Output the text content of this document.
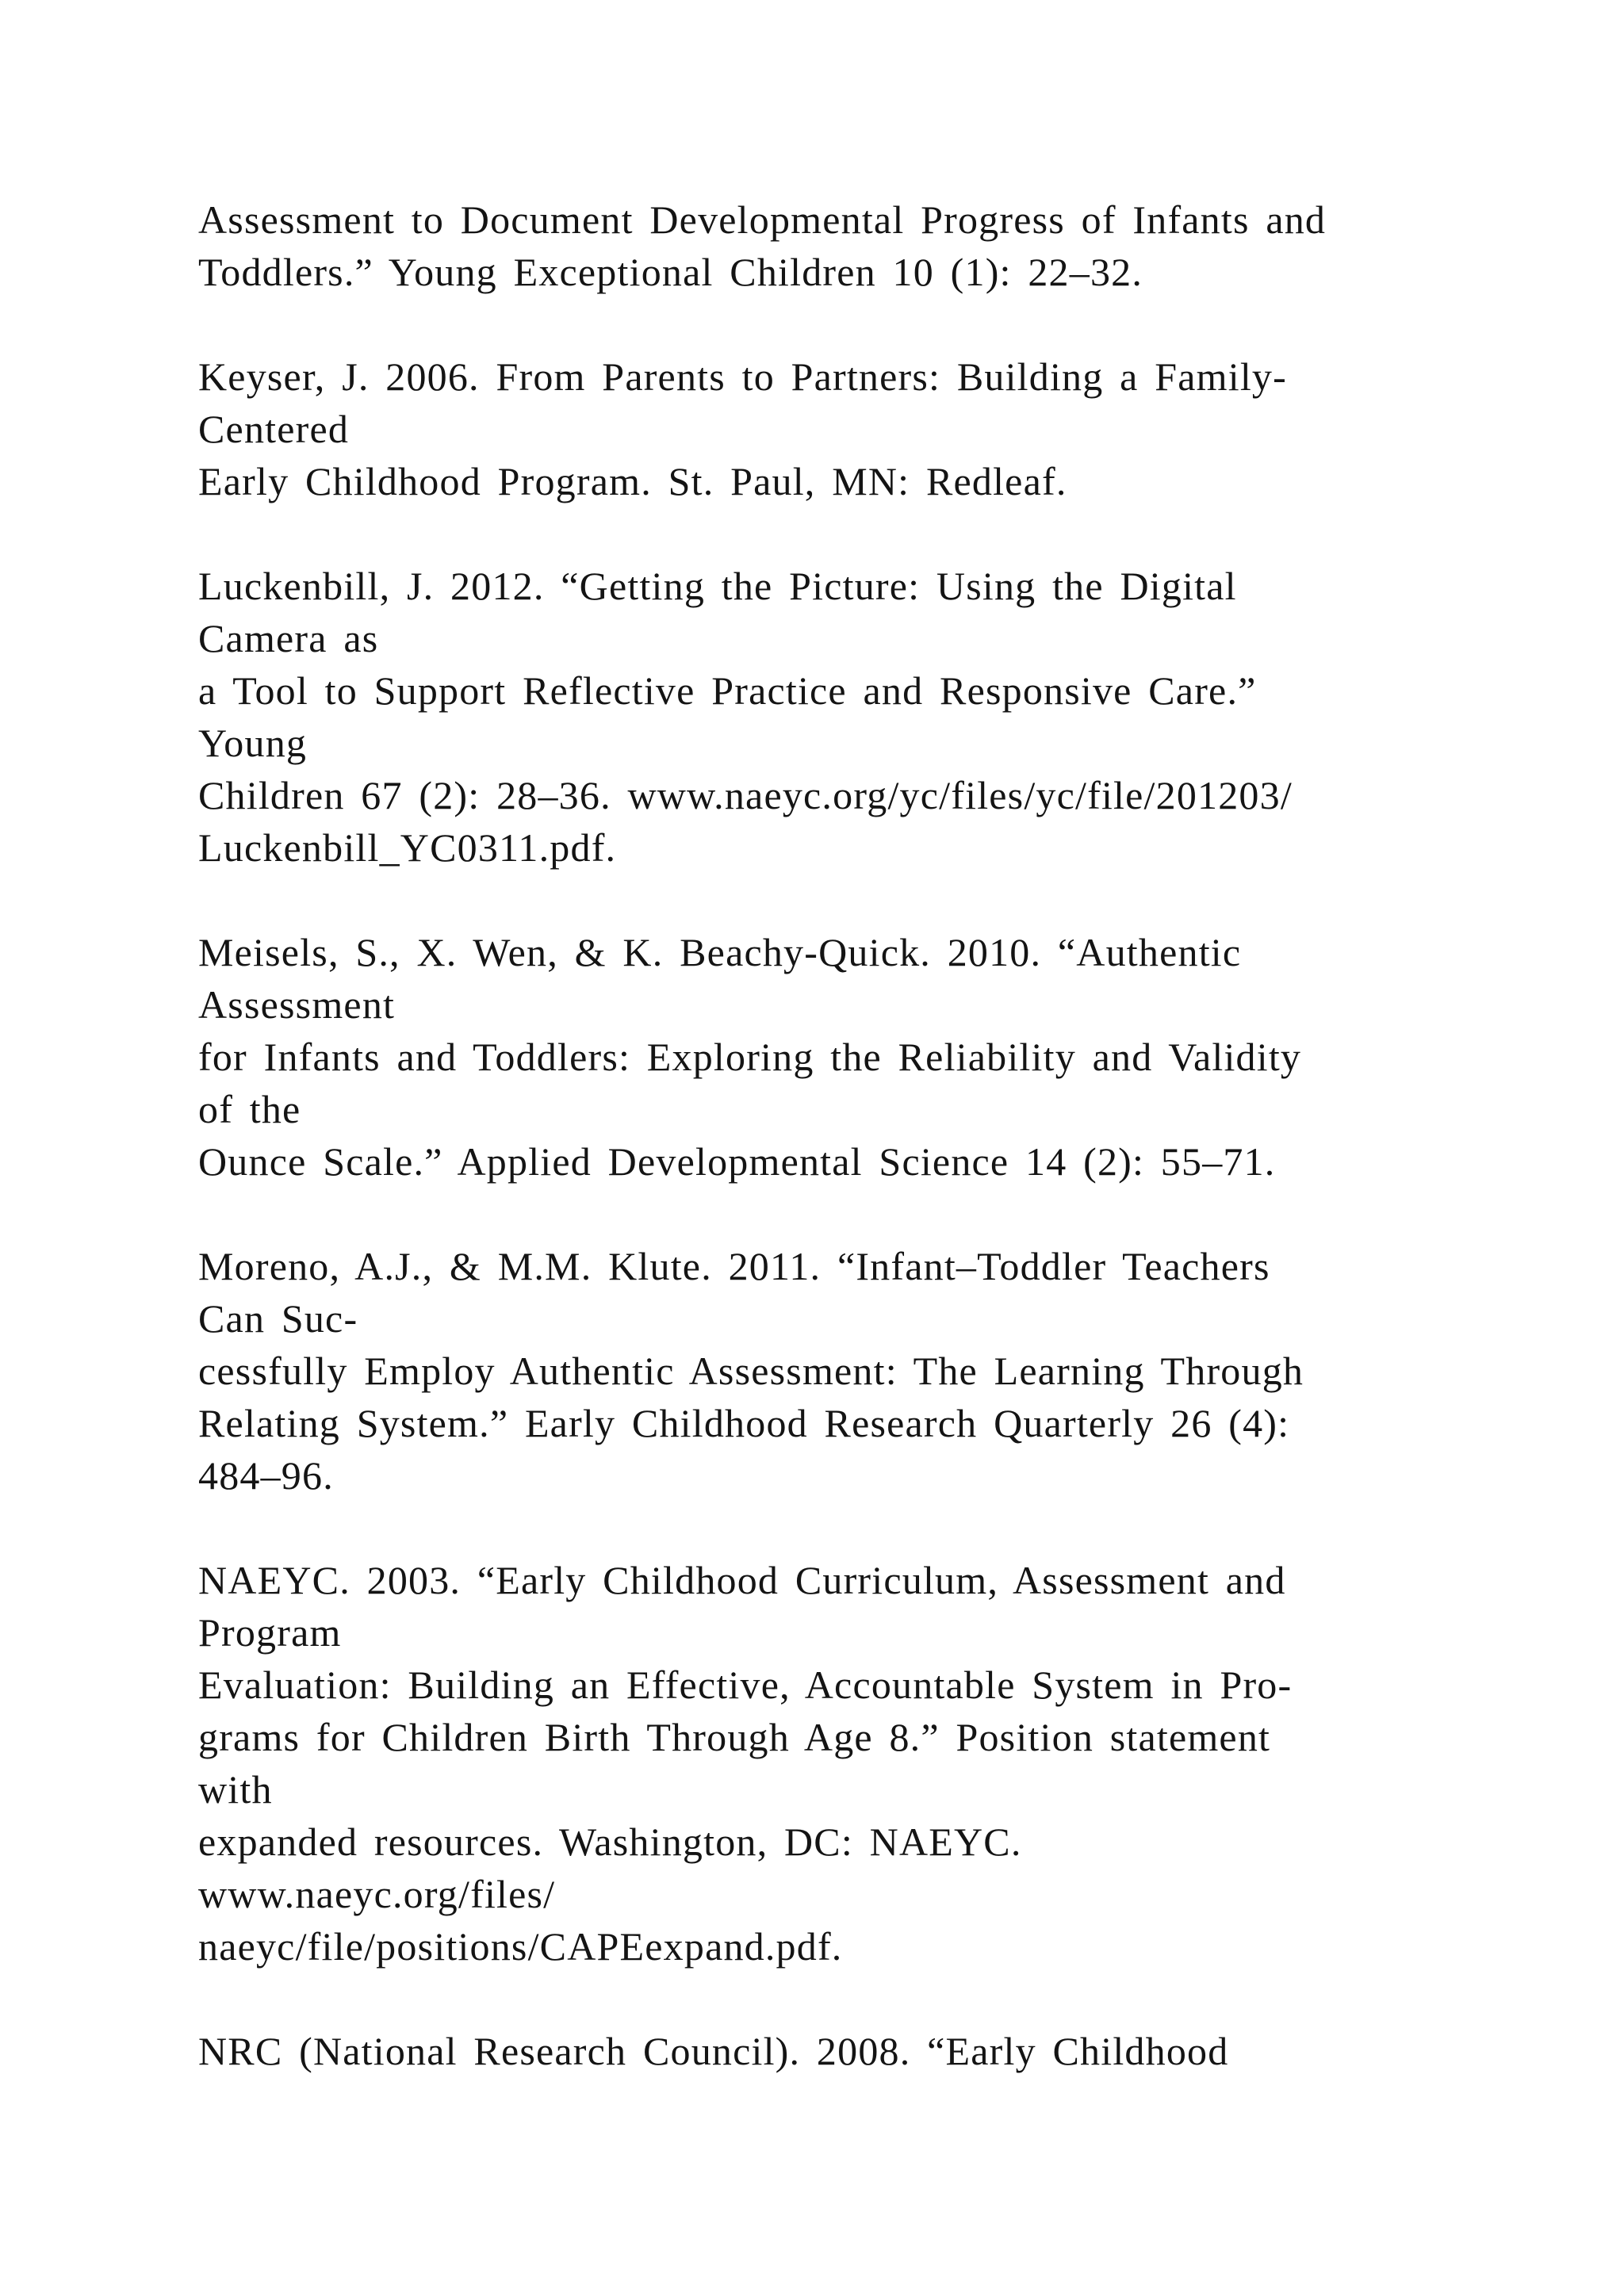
Assessment to Document Developmental Progress of Infants and
Toddlers.” Young Exceptional Children 10 (1): 22–32.
Keyser, J. 2006. From Parents to Partners: Building a Family-
Centered
Early Childhood Program. St. Paul, MN: Redleaf.
Luckenbill, J. 2012. “Getting the Picture: Using the Digital
Camera as
a Tool to Support Reflective Practice and Responsive Care.”
Young
Children 67 (2): 28–36. www.naeyc.org/yc/files/yc/file/201203/
Luckenbill_YC0311.pdf.
Meisels, S., X. Wen, & K. Beachy-Quick. 2010. “Authentic
Assessment
for Infants and Toddlers: Exploring the Reliability and Validity
of the
Ounce Scale.” Applied Developmental Science 14 (2): 55–71.
Moreno, A.J., & M.M. Klute. 2011. “Infant–Toddler Teachers
Can Suc-
cessfully Employ Authentic Assessment: The Learning Through
Relating System.” Early Childhood Research Quarterly 26 (4):
484–96.
NAEYC. 2003. “Early Childhood Curriculum, Assessment and
Program
Evaluation: Building an Effective, Accountable System in Pro-
grams for Children Birth Through Age 8.” Position statement
with
expanded resources. Washington, DC: NAEYC.
www.naeyc.org/files/
naeyc/file/positions/CAPEexpand.pdf.
NRC (National Research Council). 2008. “Early Childhood
